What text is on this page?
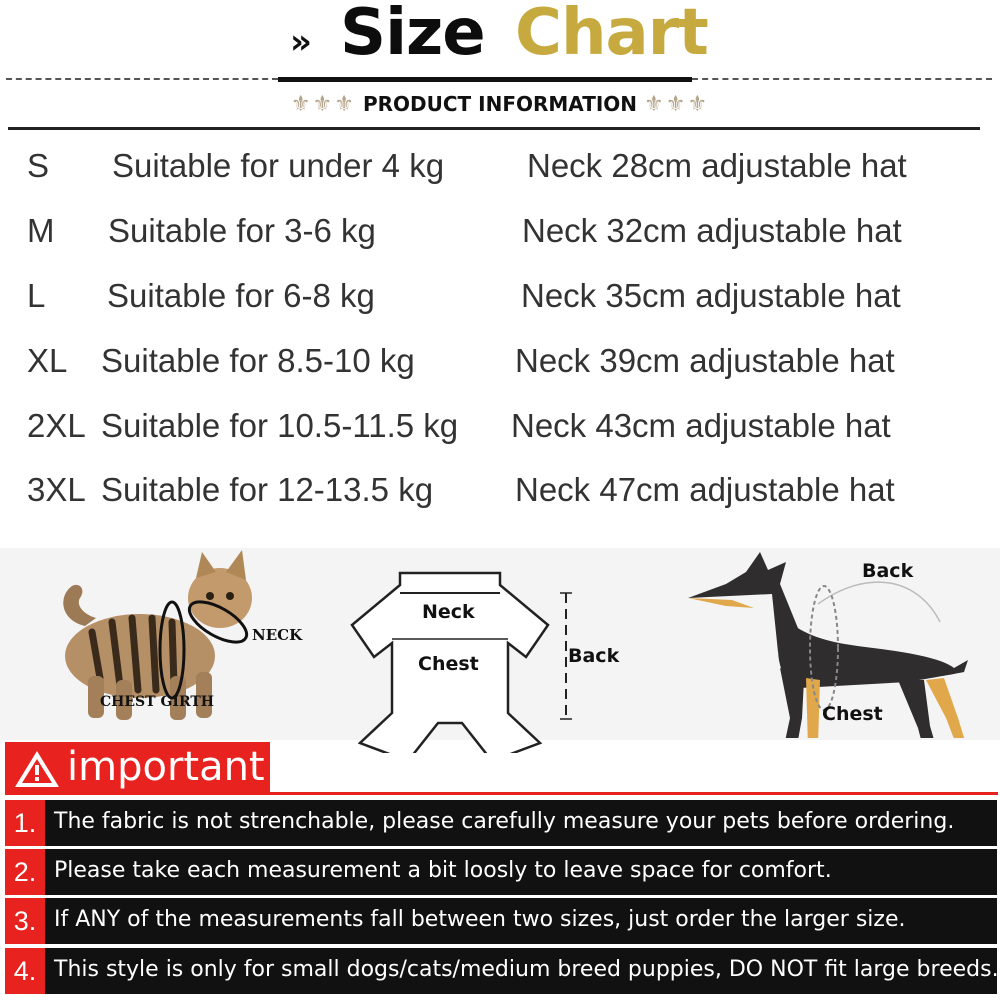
» Size Chart
⚜⚜⚜ PRODUCT INFORMATION ⚜⚜⚜
S Suitable for under 4 kg	Neck 28cm adjustable hat
M Suitable for 3-6 kg	Neck 32cm adjustable hat
L Suitable for 6-8 kg	Neck 35cm adjustable hat
XL Suitable for 8.5-10 kg	Neck 39cm adjustable hat
2XL Suitable for 10.5-11.5 kg Neck 43cm adjustable hat
3XL Suitable for 12-13.5 kg Neck 47cm adjustable hat
NECK
CHEST GIRTH
Neck
Chest	Back
Back
Chest
important
1. The fabric is not strenchable, please carefully measure your pets before ordering.
2. Please take each measurement a bit loosly to leave space for comfort.
3. If ANY of the measurements fall between two sizes, just order the larger size.
4. This style is only for small dogs/cats/medium breed puppies, DO NOT fit large breeds.
